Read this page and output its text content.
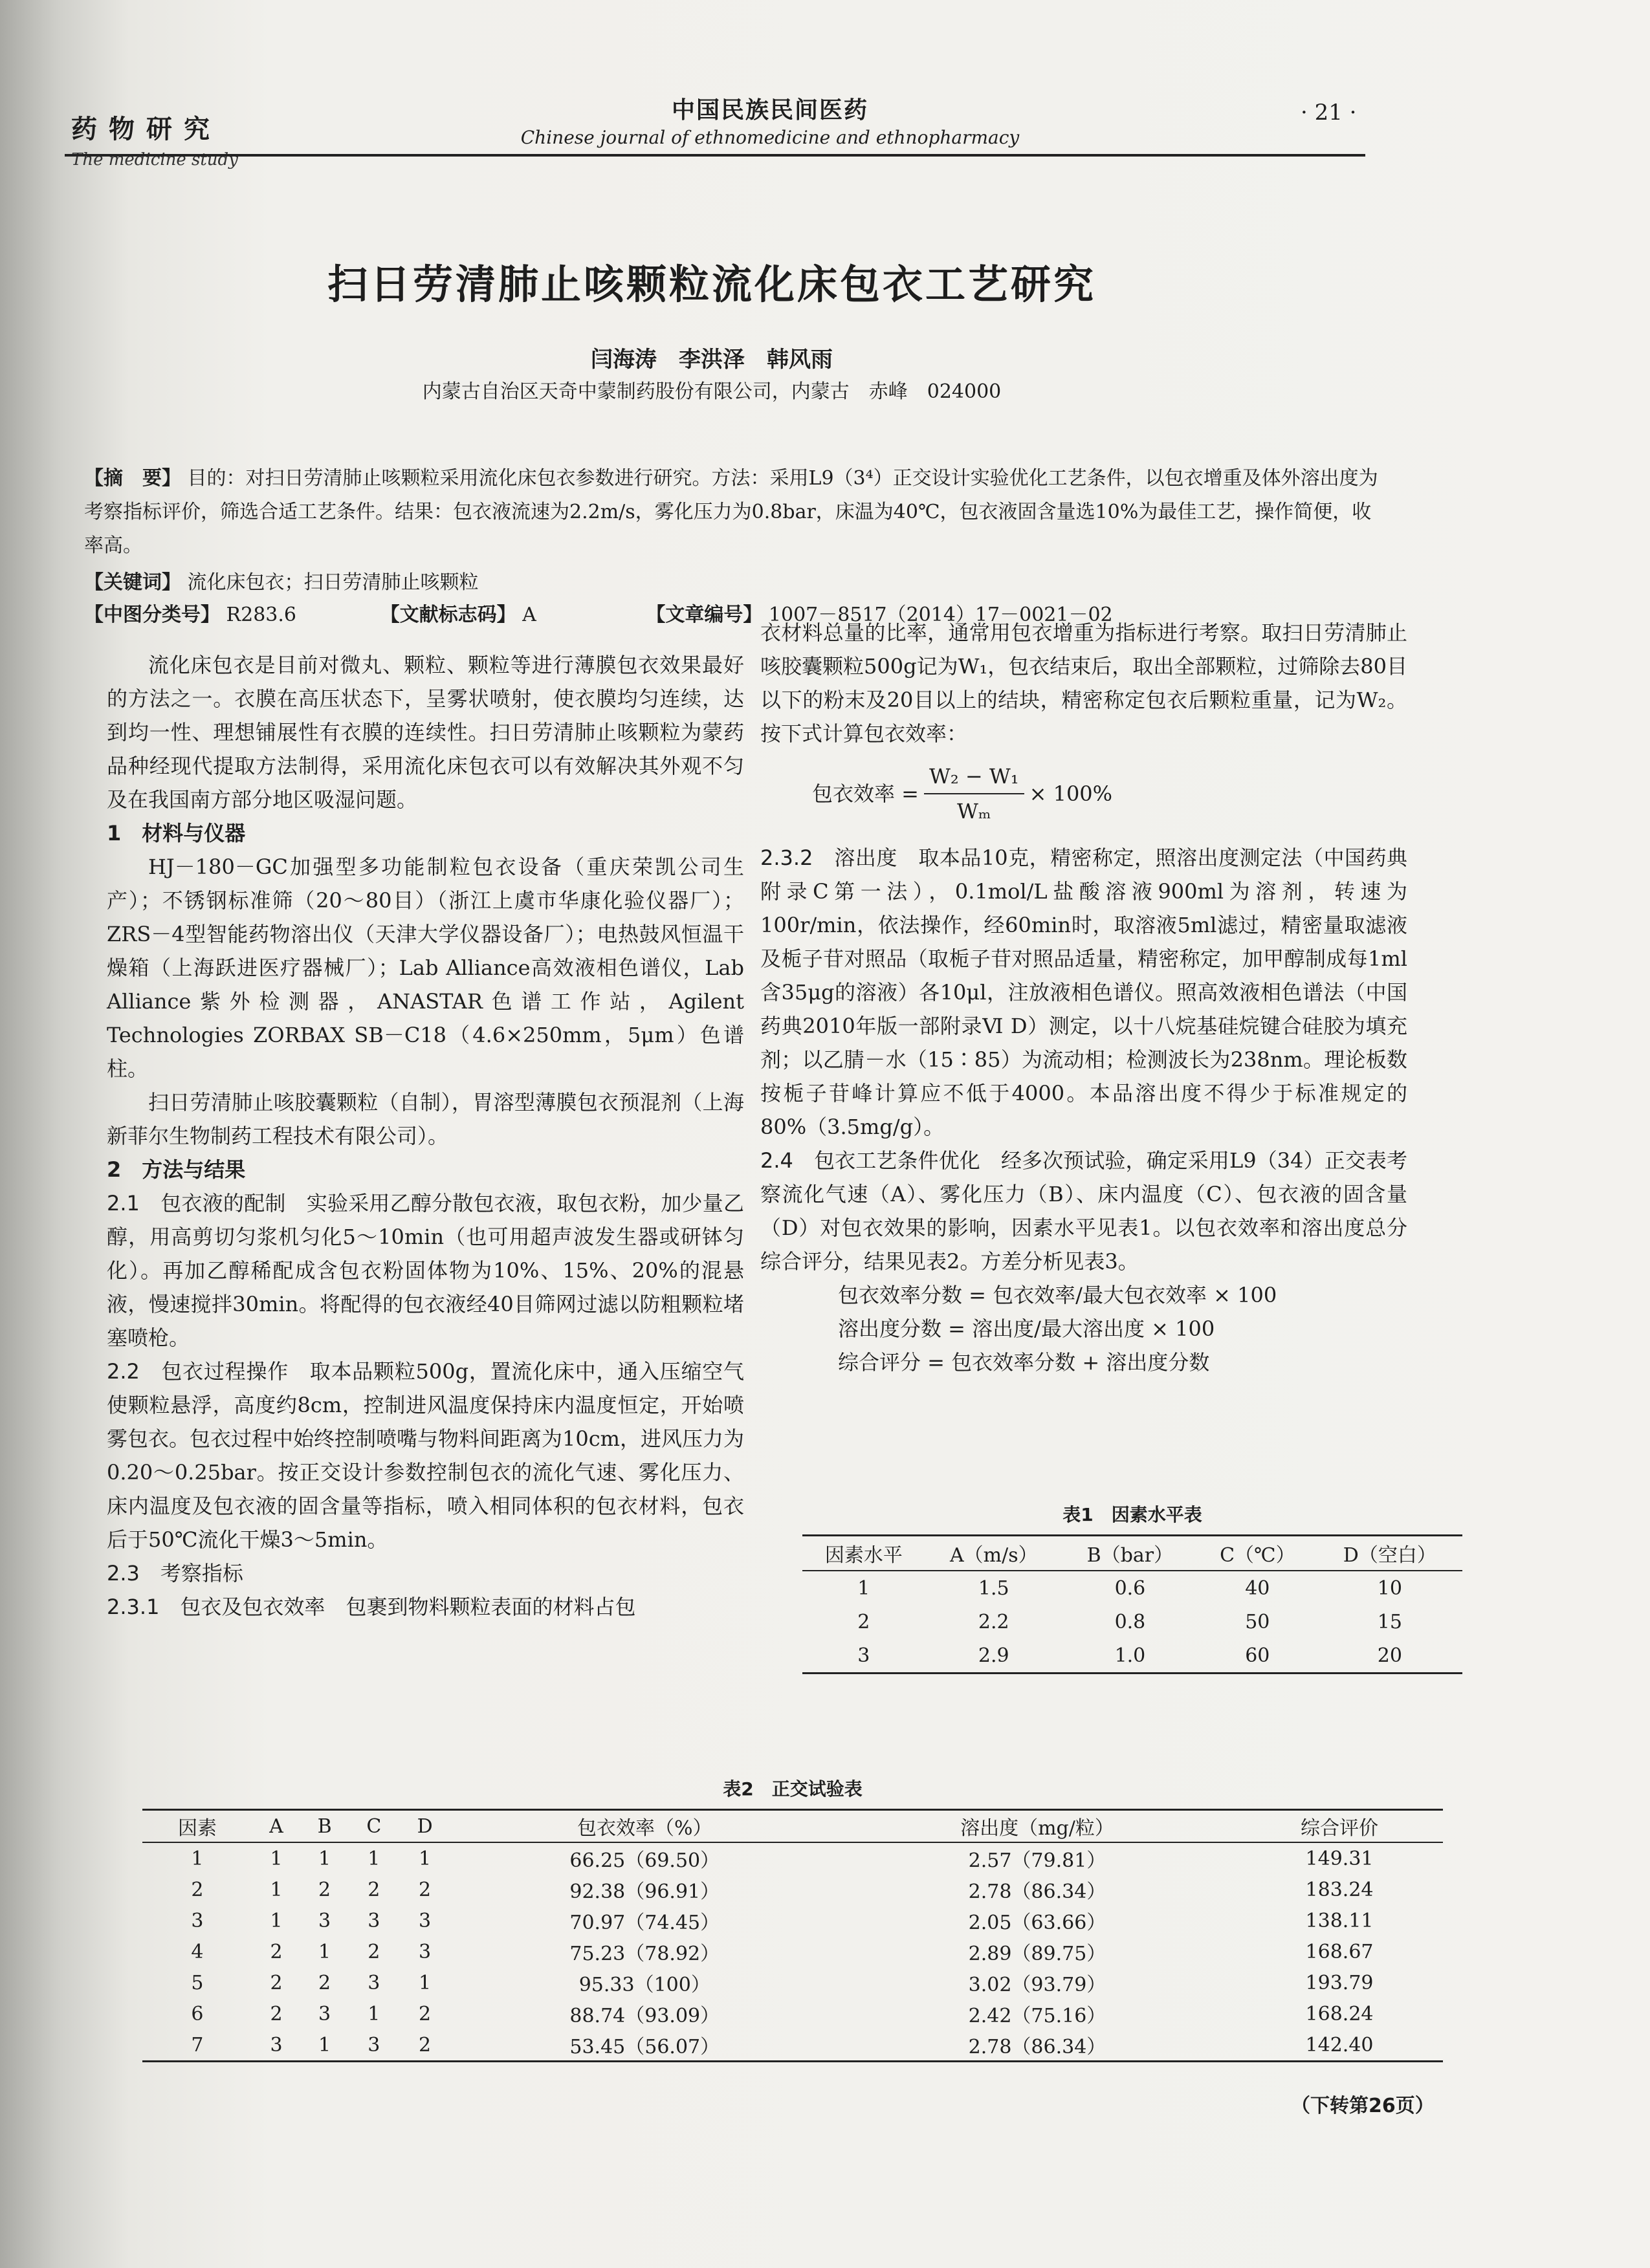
药物研究
The medicine study
中国民族民间医药
Chinese journal of ethnomedicine and ethnopharmacy
· 21 ·
扫日劳清肺止咳颗粒流化床包衣工艺研究
闫海涛　李洪泽　韩风雨
内蒙古自治区天奇中蒙制药股份有限公司，内蒙古　赤峰　024000
【摘　要】 目的：对扫日劳清肺止咳颗粒采用流化床包衣参数进行研究。方法：采用L9（3⁴）正交设计实验优化工艺条件，以包衣增重及体外溶出度为考察指标评价，筛选合适工艺条件。结果：包衣液流速为2.2m/s，雾化压力为0.8bar，床温为40℃，包衣液固含量选10%为最佳工艺，操作简便，收率高。
【关键词】 流化床包衣；扫日劳清肺止咳颗粒
【中图分类号】 R283.6	【文献标志码】 A	【文章编号】 1007－8517（2014）17－0021－02

流化床包衣是目前对微丸、颗粒、颗粒等进行薄膜包衣效果最好的方法之一。衣膜在高压状态下，呈雾状喷射，使衣膜均匀连续，达到均一性、理想铺展性有衣膜的连续性。扫日劳清肺止咳颗粒为蒙药品种经现代提取方法制得，采用流化床包衣可以有效解决其外观不匀及在我国南方部分地区吸湿问题。

1　材料与仪器

HJ－180－GC加强型多功能制粒包衣设备（重庆荣凯公司生产）；不锈钢标准筛（20～80目）（浙江上虞市华康化验仪器厂）；ZRS－4型智能药物溶出仪（天津大学仪器设备厂）；电热鼓风恒温干燥箱（上海跃进医疗器械厂）；Lab Alliance高效液相色谱仪，Lab Alliance紫外检测器，ANASTAR色谱工作站，Agilent Technologies ZORBAX SB－C18（4.6×250mm，5μm）色谱柱。

扫日劳清肺止咳胶囊颗粒（自制），胃溶型薄膜包衣预混剂（上海新菲尔生物制药工程技术有限公司）。

2　方法与结果

2.1　包衣液的配制　 实验采用乙醇分散包衣液，取包衣粉，加少量乙醇，用高剪切匀浆机匀化5～10min（也可用超声波发生器或研钵匀化）。再加乙醇稀配成含包衣粉固体物为10%、15%、20%的混悬液，慢速搅拌30min。将配得的包衣液经40目筛网过滤以防粗颗粒堵塞喷枪。

2.2　包衣过程操作　 取本品颗粒500g，置流化床中，通入压缩空气使颗粒悬浮，高度约8cm，控制进风温度保持床内温度恒定，开始喷雾包衣。包衣过程中始终控制喷嘴与物料间距离为10cm，进风压力为0.20～0.25bar。按正交设计参数控制包衣的流化气速、雾化压力、床内温度及包衣液的固含量等指标，喷入相同体积的包衣材料，包衣后于50℃流化干燥3～5min。

2.3　考察指标

2.3.1　包衣及包衣效率　 包裹到物料颗粒表面的材料占包

衣材料总量的比率，通常用包衣增重为指标进行考察。取扫日劳清肺止咳胶囊颗粒500g记为W₁，包衣结束后，取出全部颗粒，过筛除去80目以下的粉末及20目以上的结块，精密称定包衣后颗粒重量，记为W₂。按下式计算包衣效率：

包衣效率 = $\frac{\text{W₂ − W₁}}{\text{Wₘ}} \times 100\%$

2.3.2　溶出度　 取本品10克，精密称定，照溶出度测定法（中国药典附录C第一法），0.1mol/L盐酸溶液900ml为溶剂，转速为100r/min，依法操作，经60min时，取溶液5ml滤过，精密量取滤液及栀子苷对照品（取栀子苷对照品适量，精密称定，加甲醇制成每1ml含35μg的溶液）各10μl，注放液相色谱仪。照高效液相色谱法（中国药典2010年版一部附录Ⅵ D）测定，以十八烷基硅烷键合硅胶为填充剂；以乙腈－水（15∶85）为流动相；检测波长为238nm。理论板数按栀子苷峰计算应不低于4000。本品溶出度不得少于标准规定的80%（3.5mg/g）。

2.4　包衣工艺条件优化　 经多次预试验，确定采用L9（34）正交表考察流化气速（A）、雾化压力（B）、床内温度（C）、包衣液的固含量（D）对包衣效果的影响，因素水平见表1。以包衣效率和溶出度总分综合评分，结果见表2。方差分析见表3。

包衣效率分数 = 包衣效率/最大包衣效率 × 100

溶出度分数 = 溶出度/最大溶出度 × 100

综合评分 = 包衣效率分数 + 溶出度分数

表1　因素水平表
因素水平	A（m/s）	B（bar）	C（℃）	D（空白）
1	1.5	0.6	40	10
2	2.2	0.8	50	15
3	2.9	1.0	60	20
表2　正交试验表
因素	A	B	C	D	包衣效率（%）	溶出度（mg/粒）	综合评价
1	1	1	1	1	66.25（69.50）	2.57（79.81）	149.31
2	1	2	2	2	92.38（96.91）	2.78（86.34）	183.24
3	1	3	3	3	70.97（74.45）	2.05（63.66）	138.11
4	2	1	2	3	75.23（78.92）	2.89（89.75）	168.67
5	2	2	3	1	95.33（100）	3.02（93.79）	193.79
6	2	3	1	2	88.74（93.09）	2.42（75.16）	168.24
7	3	1	3	2	53.45（56.07）	2.78（86.34）	142.40
（下转第26页）
